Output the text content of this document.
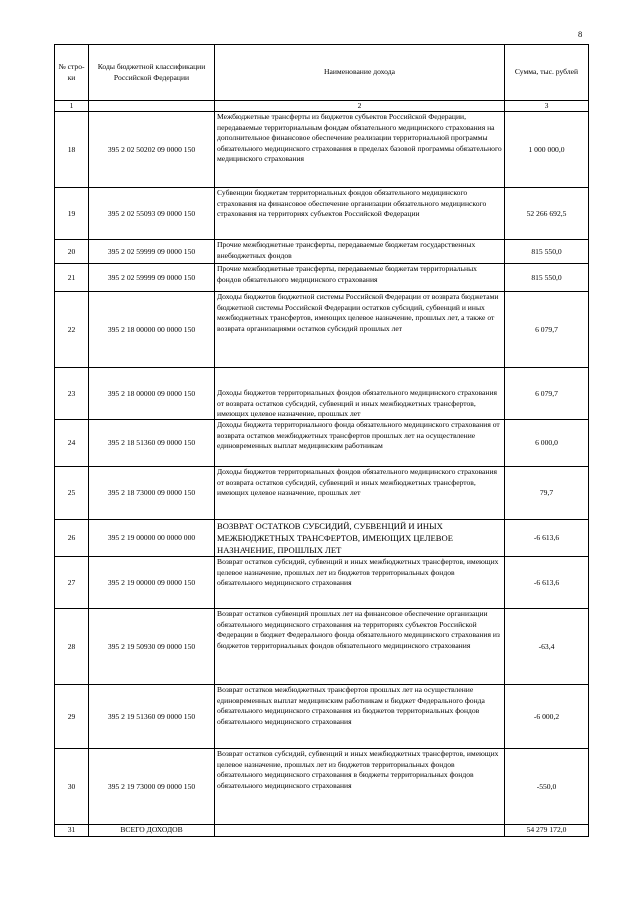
8
№ стро-ки	Коды бюджетной классификации Российской Федерации	Наименование дохода	Сумма, тыс. рублей
1		2	3
18	395 2 02 50202 09 0000 150	Межбюджетные трансферты из бюджетов субъектов Российской Федерации, передаваемые территориальным фондам обязательного медицинского страхования на дополнительное финансовое обеспечение реализации территориальной программы обязательного медицинского страхования в пределах базовой программы обязательного медицинского страхования	1 000 000,0
19	395 2 02 55093 09 0000 150	Субвенции бюджетам территориальных фондов обязательного медицинского страхования на финансовое обеспечение организации обязательного медицинского страхования на территориях субъектов Российской Федерации	52 266 692,5
20	395 2 02 59999 09 0000 150	Прочие межбюджетные трансферты, передаваемые бюджетам государственных внебюджетных фондов	815 550,0
21	395 2 02 59999 09 0000 150	Прочие межбюджетные трансферты, передаваемые бюджетам территориальных фондов обязательного медицинского страхования	815 550,0
22	395 2 18 00000 00 0000 150	Доходы бюджетов бюджетной системы Российской Федерации от возврата бюджетами бюджетной системы Российской Федерации остатков субсидий, субвенций и иных межбюджетных трансфертов, имеющих целевое назначение, прошлых лет, а также от возврата организациями остатков субсидий прошлых лет	6 079,7
23	395 2 18 00000 09 0000 150	Доходы бюджетов территориальных фондов обязательного медицинского страхования от возврата остатков субсидий, субвенций и иных межбюджетных трансфертов, имеющих целевое назначение, прошлых лет	6 079,7
24	395 2 18 51360 09 0000 150	Доходы бюджета территориального фонда обязательного медицинского страхования от возврата остатков межбюджетных трансфертов прошлых лет на осуществление единовременных выплат медицинским работникам	6 000,0
25	395 2 18 73000 09 0000 150	Доходы бюджетов территориальных фондов обязательного медицинского страхования от возврата остатков субсидий, субвенций и иных межбюджетных трансфертов, имеющих целевое назначение, прошлых лет	79,7
26	395 2 19 00000 00 0000 000	ВОЗВРАТ ОСТАТКОВ СУБСИДИЙ, СУБВЕНЦИЙ И ИНЫХ МЕЖБЮДЖЕТНЫХ ТРАНСФЕРТОВ, ИМЕЮЩИХ ЦЕЛЕВОЕ НАЗНАЧЕНИЕ, ПРОШЛЫХ ЛЕТ	-6 613,6
27	395 2 19 00000 09 0000 150	Возврат остатков субсидий, субвенций и иных межбюджетных трансфертов, имеющих целевое назначение, прошлых лет из бюджетов территориальных фондов обязательного медицинского страхования	-6 613,6
28	395 2 19 50930 09 0000 150	Возврат остатков субвенций прошлых лет на финансовое обеспечение организации обязательного медицинского страхования на территориях субъектов Российской Федерации в бюджет Федерального фонда обязательного медицинского страхования из бюджетов территориальных фондов обязательного медицинского страхования	-63,4
29	395 2 19 51360 09 0000 150	Возврат остатков межбюджетных трансфертов прошлых лет на осуществление единовременных выплат медицинским работникам и бюджет Федерального фонда обязательного медицинского страхования из бюджетов территориальных фондов обязательного медицинского страхования	-6 000,2
30	395 2 19 73000 09 0000 150	Возврат остатков субсидий, субвенций и иных межбюджетных трансфертов, имеющих целевое назначение, прошлых лет из бюджетов территориальных фондов обязательного медицинского страхования в бюджеты территориальных фондов обязательного медицинского страхования	-550,0
31	ВСЕГО ДОХОДОВ		54 279 172,0
